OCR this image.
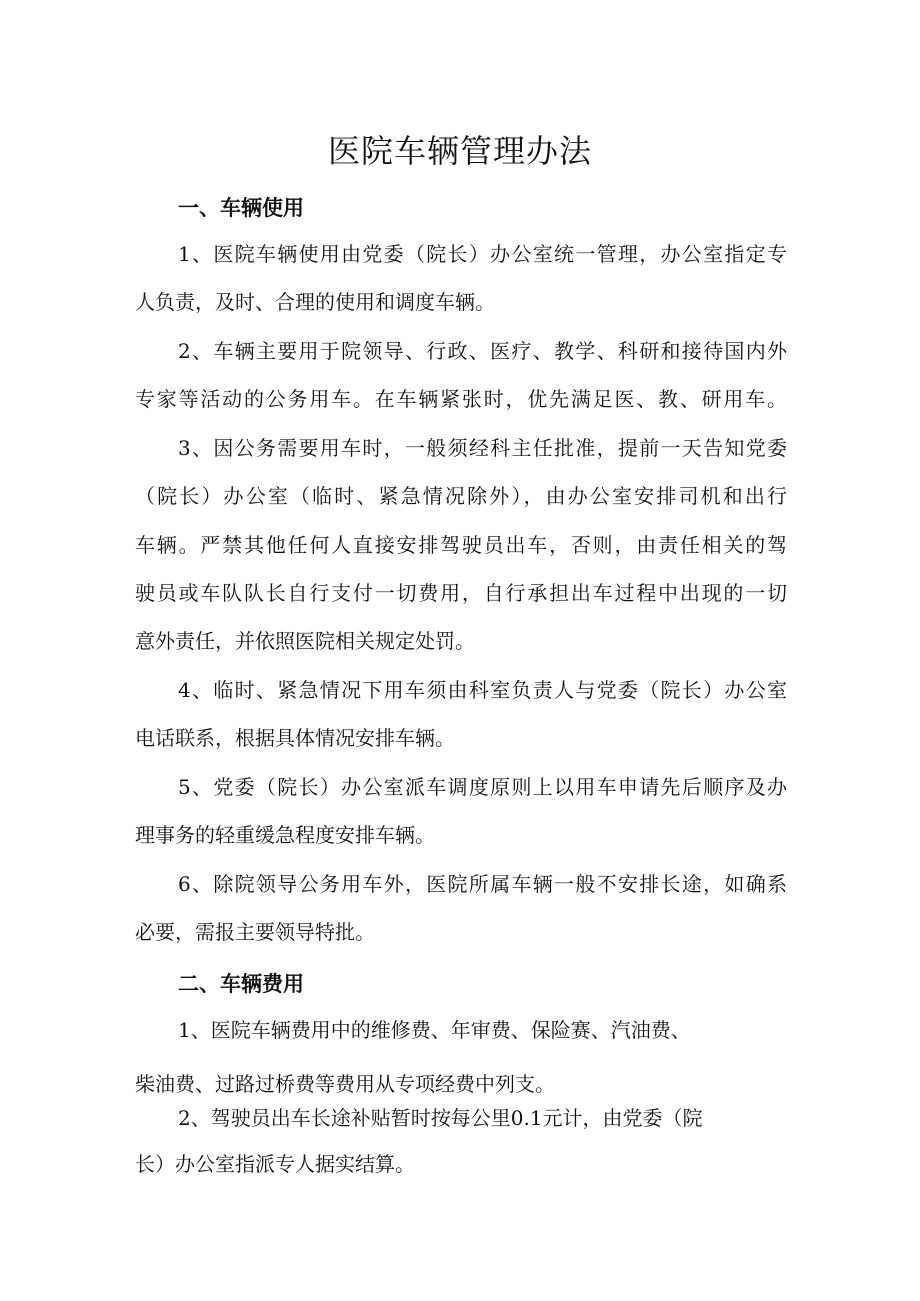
医院车辆管理办法
一、车辆使用
1、医院车辆使用由党委（院长）办公室统一管理，办公室指定专
人负责，及时、合理的使用和调度车辆。
2、车辆主要用于院领导、行政、医疗、教学、科研和接待国内外
专家等活动的公务用车。在车辆紧张时，优先满足医、教、研用车。
3、因公务需要用车时，一般须经科主任批准，提前一天告知党委
（院长）办公室（临时、紧急情况除外），由办公室安排司机和出行
车辆。严禁其他任何人直接安排驾驶员出车，否则，由责任相关的驾
驶员或车队队长自行支付一切费用，自行承担出车过程中出现的一切
意外责任，并依照医院相关规定处罚。
4、临时、紧急情况下用车须由科室负责人与党委（院长）办公室
电话联系，根据具体情况安排车辆。
5、党委（院长）办公室派车调度原则上以用车申请先后顺序及办
理事务的轻重缓急程度安排车辆。
6、除院领导公务用车外，医院所属车辆一般不安排长途，如确系
必要，需报主要领导特批。
二、车辆费用
1、医院车辆费用中的维修费、年审费、保险赛、汽油费、
柴油费、过路过桥费等费用从专项经费中列支。
2、驾驶员出车长途补贴暂时按每公里0.1元计，由党委（院
长）办公室指派专人据实结算。
